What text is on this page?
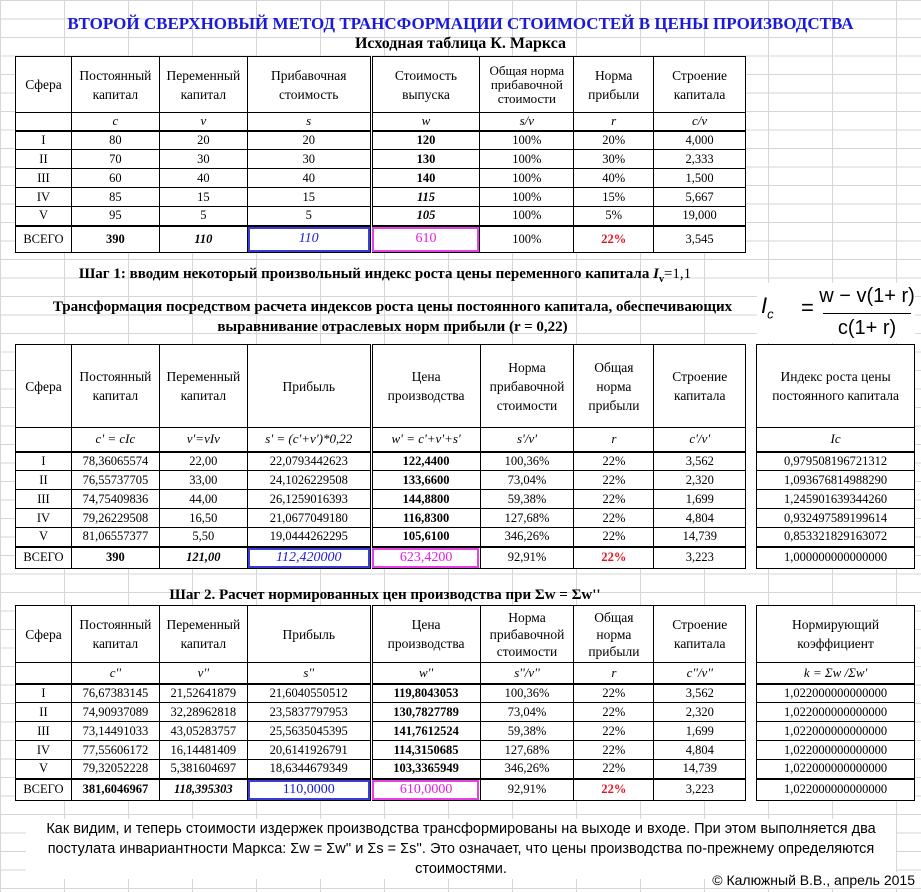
ВТОРОЙ СВЕРХНОВЫЙ МЕТОД ТРАНСФОРМАЦИИ СТОИМОСТЕЙ В ЦЕНЫ ПРОИЗВОДСТВА
Исходная таблица К. Маркса
Сфера	Постоянный капитал	Переменный капитал	Прибавочная стоимость	Стоимость выпуска	Общая норма прибавочной стоимости	Норма прибыли	Строение капитала
	c	v	s	w	s/v	r	c/v
I	80	20	20	120	100%	20%	4,000
II	70	30	30	130	100%	30%	2,333
III	60	40	40	140	100%	40%	1,500
IV	85	15	15	115	100%	15%	5,667
V	95	5	5	105	100%	5%	19,000
ВСЕГО	390	110	110	610	100%	22%	3,545
Шаг 1: вводим некоторый произвольный индекс роста цены переменного капитала $I_v=1,1$
Трансформация посредством расчета индексов роста цены постоянного капитала, обеспечивающих выравнивание отраслевых норм прибыли (r = 0,22)
$I_c = w - v(1+ r)$
c(1+ r)
Сфера	Постоянный капитал	Переменный капитал	Прибыль	Цена производства	Норма прибавочной стоимости	Общая норма прибыли	Строение капитала		Индекс роста цены постоянного капитала
	c' = cIc	v'=vIv	s' = (c'+v')*0,22	w' = c'+v'+s'	s'/v'	r	c'/v'		Ic
I	78,36065574	22,00	22,0793442623	122,4400	100,36%	22%	3,562		0,979508196721312
II	76,55737705	33,00	24,1026229508	133,6600	73,04%	22%	2,320		1,093676814988290
III	74,75409836	44,00	26,1259016393	144,8800	59,38%	22%	1,699		1,245901639344260
IV	79,26229508	16,50	21,0677049180	116,8300	127,68%	22%	4,804		0,932497589199614
V	81,06557377	5,50	19,0444262295	105,6100	346,26%	22%	14,739		0,853321829163072
ВСЕГО	390	121,00	112,420000	623,4200	92,91%	22%	3,223		1,000000000000000
Шаг 2. Расчет нормированных цен производства при Σw = Σw''
Сфера	Постоянный капитал	Переменный капитал	Прибыль	Цена производства	Норма прибавочной стоимости	Общая норма прибыли	Строение капитала		Нормирующий коэффициент
	c''	v''	s''	w''	s''/v''	r	c''/v''		k = Σw /Σw'
I	76,67383145	21,52641879	21,6040550512	119,8043053	100,36%	22%	3,562		1,022000000000000
II	74,90937089	32,28962818	23,5837797953	130,7827789	73,04%	22%	2,320		1,022000000000000
III	73,14491033	43,05283757	25,5635045395	141,7612524	59,38%	22%	1,699		1,022000000000000
IV	77,55606172	16,14481409	20,6141926791	114,3150685	127,68%	22%	4,804		1,022000000000000
V	79,32052228	5,381604697	18,6344679349	103,3365949	346,26%	22%	14,739		1,022000000000000
ВСЕГО	381,6046967	118,395303	110,0000	610,0000	92,91%	22%	3,223		1,022000000000000
Как видим, и теперь стоимости издержек производства трансформированы на выходе и входе. При этом выполняется два постулата инвариантности Маркса: Σw = Σw'' и Σs = Σs''. Это означает, что цены производства по-прежнему определяются стоимостями.
© Калюжный В.В., апрель 2015
